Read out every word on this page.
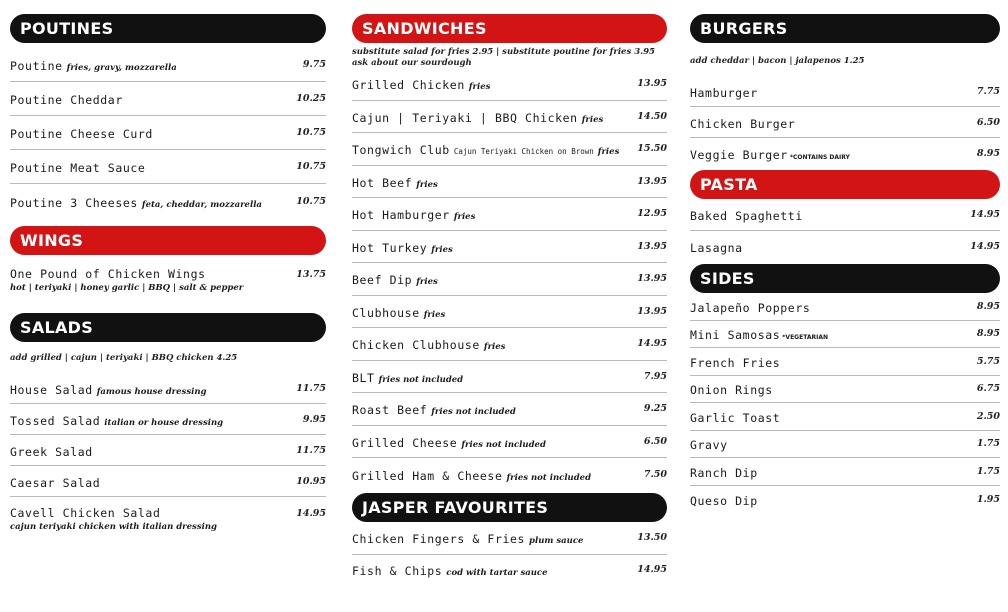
POUTINES
Poutine fries, gravy, mozzarella	9.75
Poutine Cheddar	10.25
Poutine Cheese Curd	10.75
Poutine Meat Sauce	10.75
Poutine 3 Cheeses feta, cheddar, mozzarella	10.75
WINGS
One Pound of Chicken Wings	13.75
hot | teriyaki | honey garlic | BBQ | salt & pepper
SALADS
add grilled | cajun | teriyaki | BBQ chicken 4.25
House Salad famous house dressing	11.75
Tossed Salad italian or house dressing	9.95
Greek Salad	11.75
Caesar Salad	10.95
Cavell Chicken Salad	14.95
cajun teriyaki chicken with italian dressing
SANDWICHES
substitute salad for fries 2.95 | substitute poutine for fries 3.95
ask about our sourdough
Grilled Chicken fries	13.95
Cajun | Teriyaki | BBQ Chicken fries	14.50
Tongwich Club Cajun Teriyaki Chicken on Brown fries 15.50
Hot Beef fries	13.95
Hot Hamburger fries	12.95
Hot Turkey fries	13.95
Beef Dip fries	13.95
Clubhouse fries	13.95
Chicken Clubhouse fries	14.95
BLT fries not included	7.95
Roast Beef fries not included	9.25
Grilled Cheese fries not included	6.50
Grilled Ham & Cheese fries not included	7.50
JASPER FAVOURITES
Chicken Fingers & Fries plum sauce	13.50
Fish & Chips cod with tartar sauce	14.95
BURGERS
add cheddar | bacon | jalapenos 1.25
Hamburger	7.75
Chicken Burger	6.50
Veggie Burger *CONTAINS DAIRY	8.95
PASTA
Baked Spaghetti	14.95
Lasagna	14.95
SIDES
Jalapeño Poppers	8.95
Mini Samosas *VEGETARIAN	8.95
French Fries	5.75
Onion Rings	6.75
Garlic Toast	2.50
Gravy	1.75
Ranch Dip	1.75
Queso Dip	1.95
